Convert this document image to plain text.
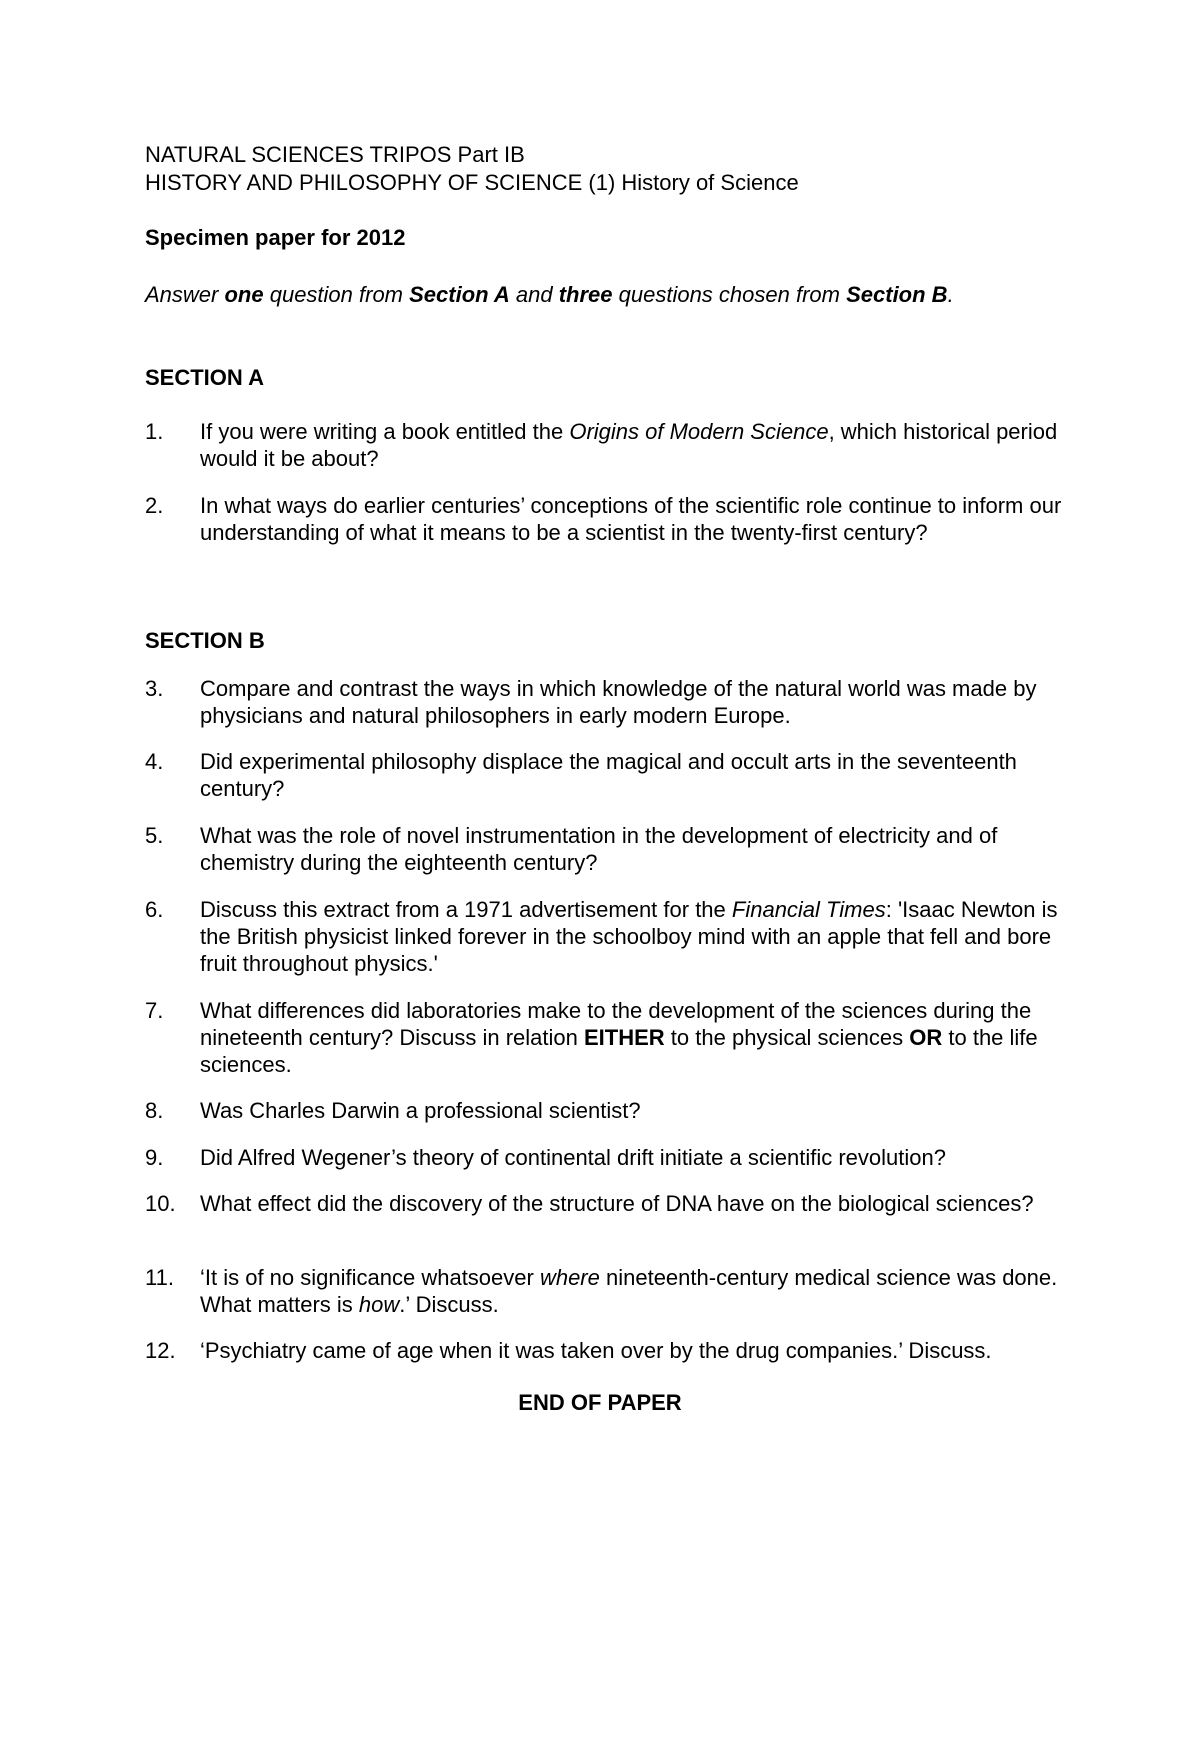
NATURAL SCIENCES TRIPOS Part IB

HISTORY AND PHILOSOPHY OF SCIENCE (1) History of Science

Specimen paper for 2012

Answer one question from Section A and three questions chosen from Section B.

SECTION A

1.	If you were writing a book entitled the Origins of Modern Science, which historical period would it be about?

2.	In what ways do earlier centuries’ conceptions of the scientific role continue to inform our understanding of what it means to be a scientist in the twenty-first century?

SECTION B

3.	Compare and contrast the ways in which knowledge of the natural world was made by physicians and natural philosophers in early modern Europe.

4.	Did experimental philosophy displace the magical and occult arts in the seventeenth century?

5.	What was the role of novel instrumentation in the development of electricity and of chemistry during the eighteenth century?

6.	Discuss this extract from a 1971 advertisement for the Financial Times: 'Isaac Newton is the British physicist linked forever in the schoolboy mind with an apple that fell and bore fruit throughout physics.'

7.	What differences did laboratories make to the development of the sciences during the nineteenth century? Discuss in relation EITHER to the physical sciences OR to the life sciences.

8.	Was Charles Darwin a professional scientist?

9.	Did Alfred Wegener’s theory of continental drift initiate a scientific revolution?

10.	What effect did the discovery of the structure of DNA have on the biological sciences?

11.	‘It is of no significance whatsoever where nineteenth-century medical science was done. What matters is how.’ Discuss.

12.	‘Psychiatry came of age when it was taken over by the drug companies.’ Discuss.

END OF PAPER
